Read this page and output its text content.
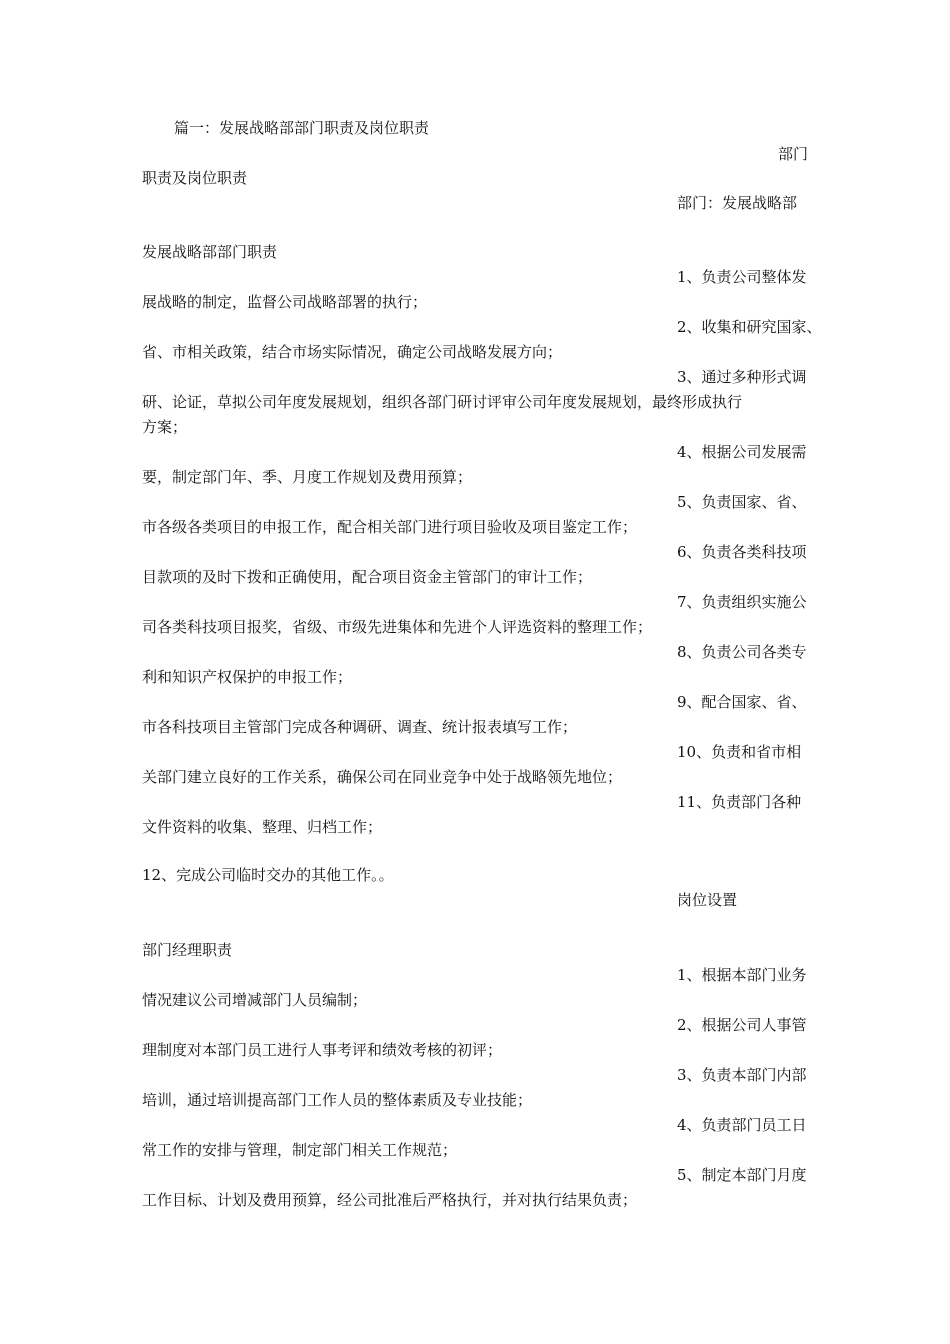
篇一：发展战略部部门职责及岗位职责
部门
职责及岗位职责
部门：发展战略部
发展战略部部门职责
1、负责公司整体发
展战略的制定，监督公司战略部署的执行；
2、收集和研究国家、
省、市相关政策，结合市场实际情况，确定公司战略发展方向；
3、通过多种形式调
研、论证，草拟公司年度发展规划，组织各部门研讨评审公司年度发展规划，最终形成执行
方案；
4、根据公司发展需
要，制定部门年、季、月度工作规划及费用预算；
5、负责国家、省、
市各级各类项目的申报工作，配合相关部门进行项目验收及项目鉴定工作；
6、负责各类科技项
目款项的及时下拨和正确使用，配合项目资金主管部门的审计工作；
7、负责组织实施公
司各类科技项目报奖，省级、市级先进集体和先进个人评选资料的整理工作；
8、负责公司各类专
利和知识产权保护的申报工作；
9、配合国家、省、
市各科技项目主管部门完成各种调研、调查、统计报表填写工作；
10、负责和省市相
关部门建立良好的工作关系，确保公司在同业竞争中处于战略领先地位；
11、负责部门各种
文件资料的收集、整理、归档工作；
12、完成公司临时交办的其他工作。。
岗位设置
部门经理职责
1、根据本部门业务
情况建议公司增减部门人员编制；
2、根据公司人事管
理制度对本部门员工进行人事考评和绩效考核的初评；
3、负责本部门内部
培训，通过培训提高部门工作人员的整体素质及专业技能；
4、负责部门员工日
常工作的安排与管理，制定部门相关工作规范；
5、制定本部门月度
工作目标、计划及费用预算，经公司批准后严格执行，并对执行结果负责；
